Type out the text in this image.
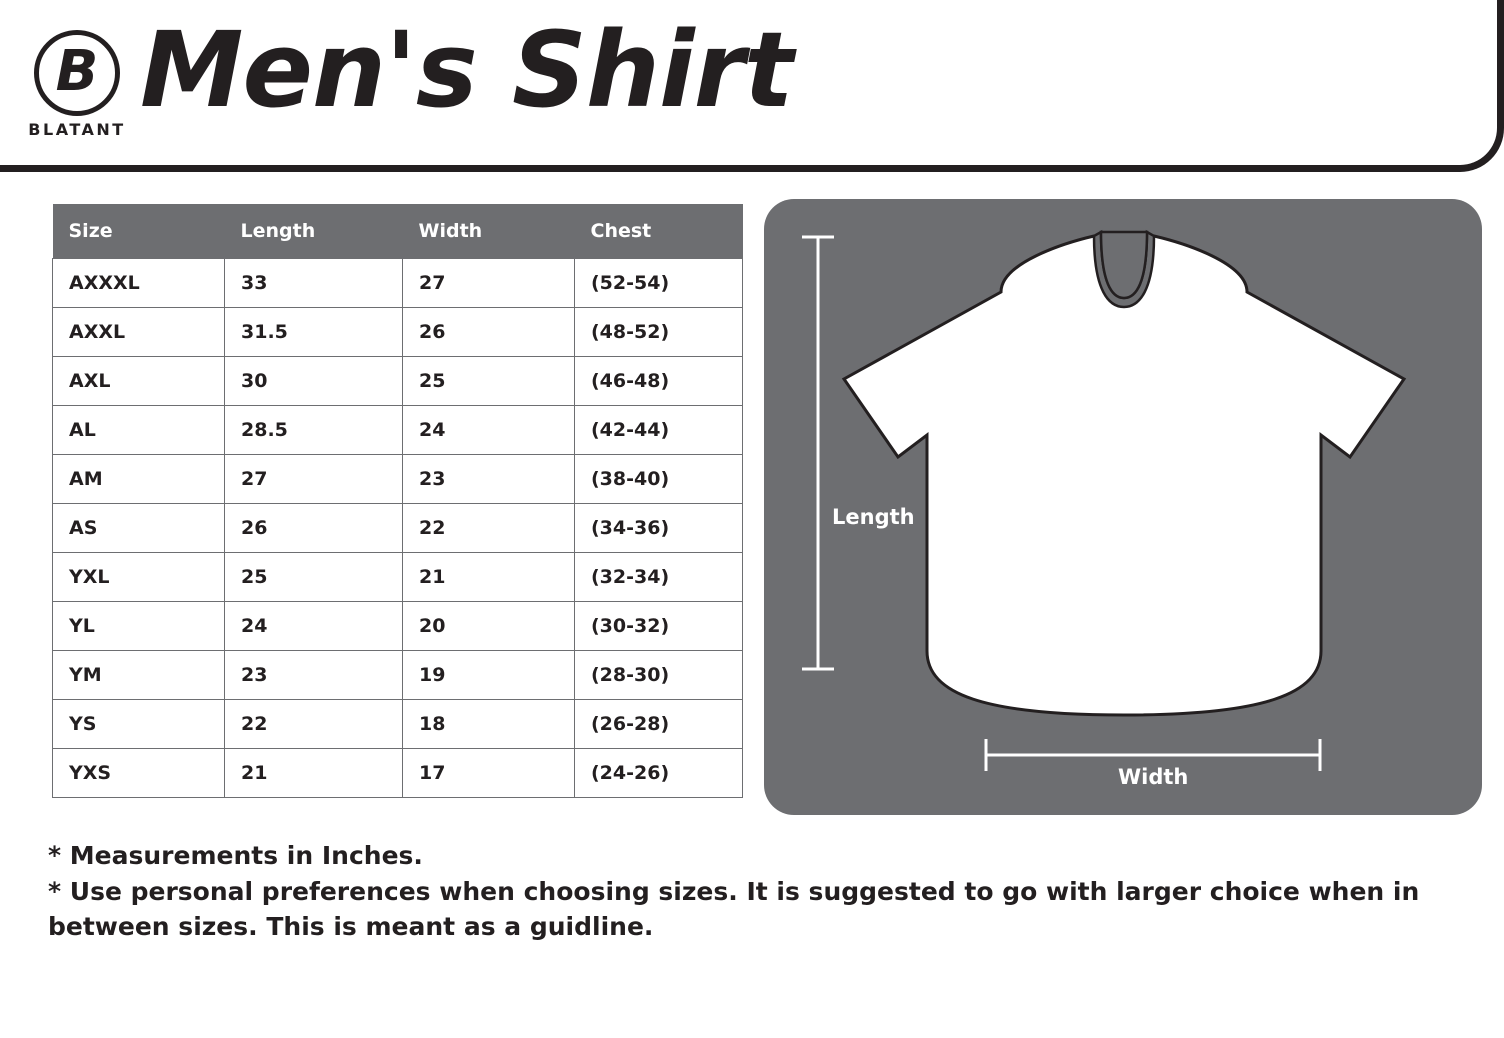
B
BLATANT Men's Shirt
Size	Length	Width	Chest
AXXXL	33	27	(52-54)
AXXL	31.5	26	(48-52)
AXL	30	25	(46-48)
AL	28.5	24	(42-44)
AM	27	23	(38-40)
AS	26	22	(34-36)
YXL	25	21	(32-34)
YL	24	20	(30-32)
YM	23	19	(28-30)
YS	22	18	(26-28)
YXS	21	17	(24-26)
Length
Width
* Measurements in Inches.
* Use personal preferences when choosing sizes. It is suggested to go with larger choice when in
between sizes. This is meant as a guidline.
